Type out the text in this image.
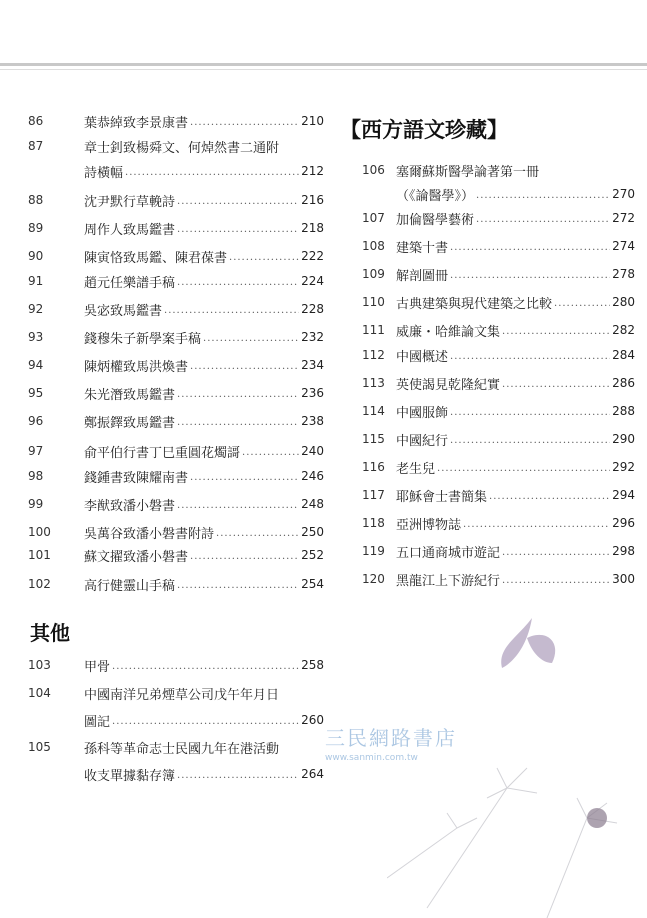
其他
【西方語文珍藏】
86	葉恭綽致李景康書 .....	210
87	章士釗致楊舜文、何焯然書二通附
詩橫幅 .....	212
88	沈尹默行草輓詩 .....	216
89	周作人致馬鑑書 .....	218
90	陳寅恪致馬鑑、陳君葆書 .....	222
91	趙元任樂譜手稿 .....	224
92	吳宓致馬鑑書 .....	228
93	錢穆朱子新學案手稿 .....	232
94	陳炳權致馬洪煥書 .....	234
95	朱光潛致馬鑑書 .....	236
96	鄭振鐸致馬鑑書 .....	238
97	俞平伯行書丁巳重圓花燭謌 .....	240
98	錢鍾書致陳耀南書 .....	246
99	李猷致潘小磐書 .....	248
100	吳萬谷致潘小磐書附詩 .....	250
101	蘇文擢致潘小磐書 .....	252
102	高行健靈山手稿 .....	254
103	甲骨 .....	258
104	中國南洋兄弟煙草公司戊午年月日
圖記 .....	260
105	孫科等革命志士民國九年在港活動
收支單據黏存簿 .....	264
106 塞爾蘇斯醫學論著第一冊
（《論醫學》） .....	270
107 加倫醫學藝術 .....	272
108 建築十書 .....	274
109 解剖圖冊 .....	278
110 古典建築與現代建築之比較 .....	280
111 威廉・哈維論文集 .....	282
112 中國概述 .....	284
113 英使謁見乾隆紀實 .....	286
114 中國服飾 .....	288
115 中國紀行 .....	290
116 老生兒 .....	292
117 耶穌會士書簡集 .....	294
118 亞洲博物誌 .....	296
119 五口通商城市遊記 .....	298
120 黑龍江上下游紀行 .....	300
三民網路書店
www.sanmin.com.tw
